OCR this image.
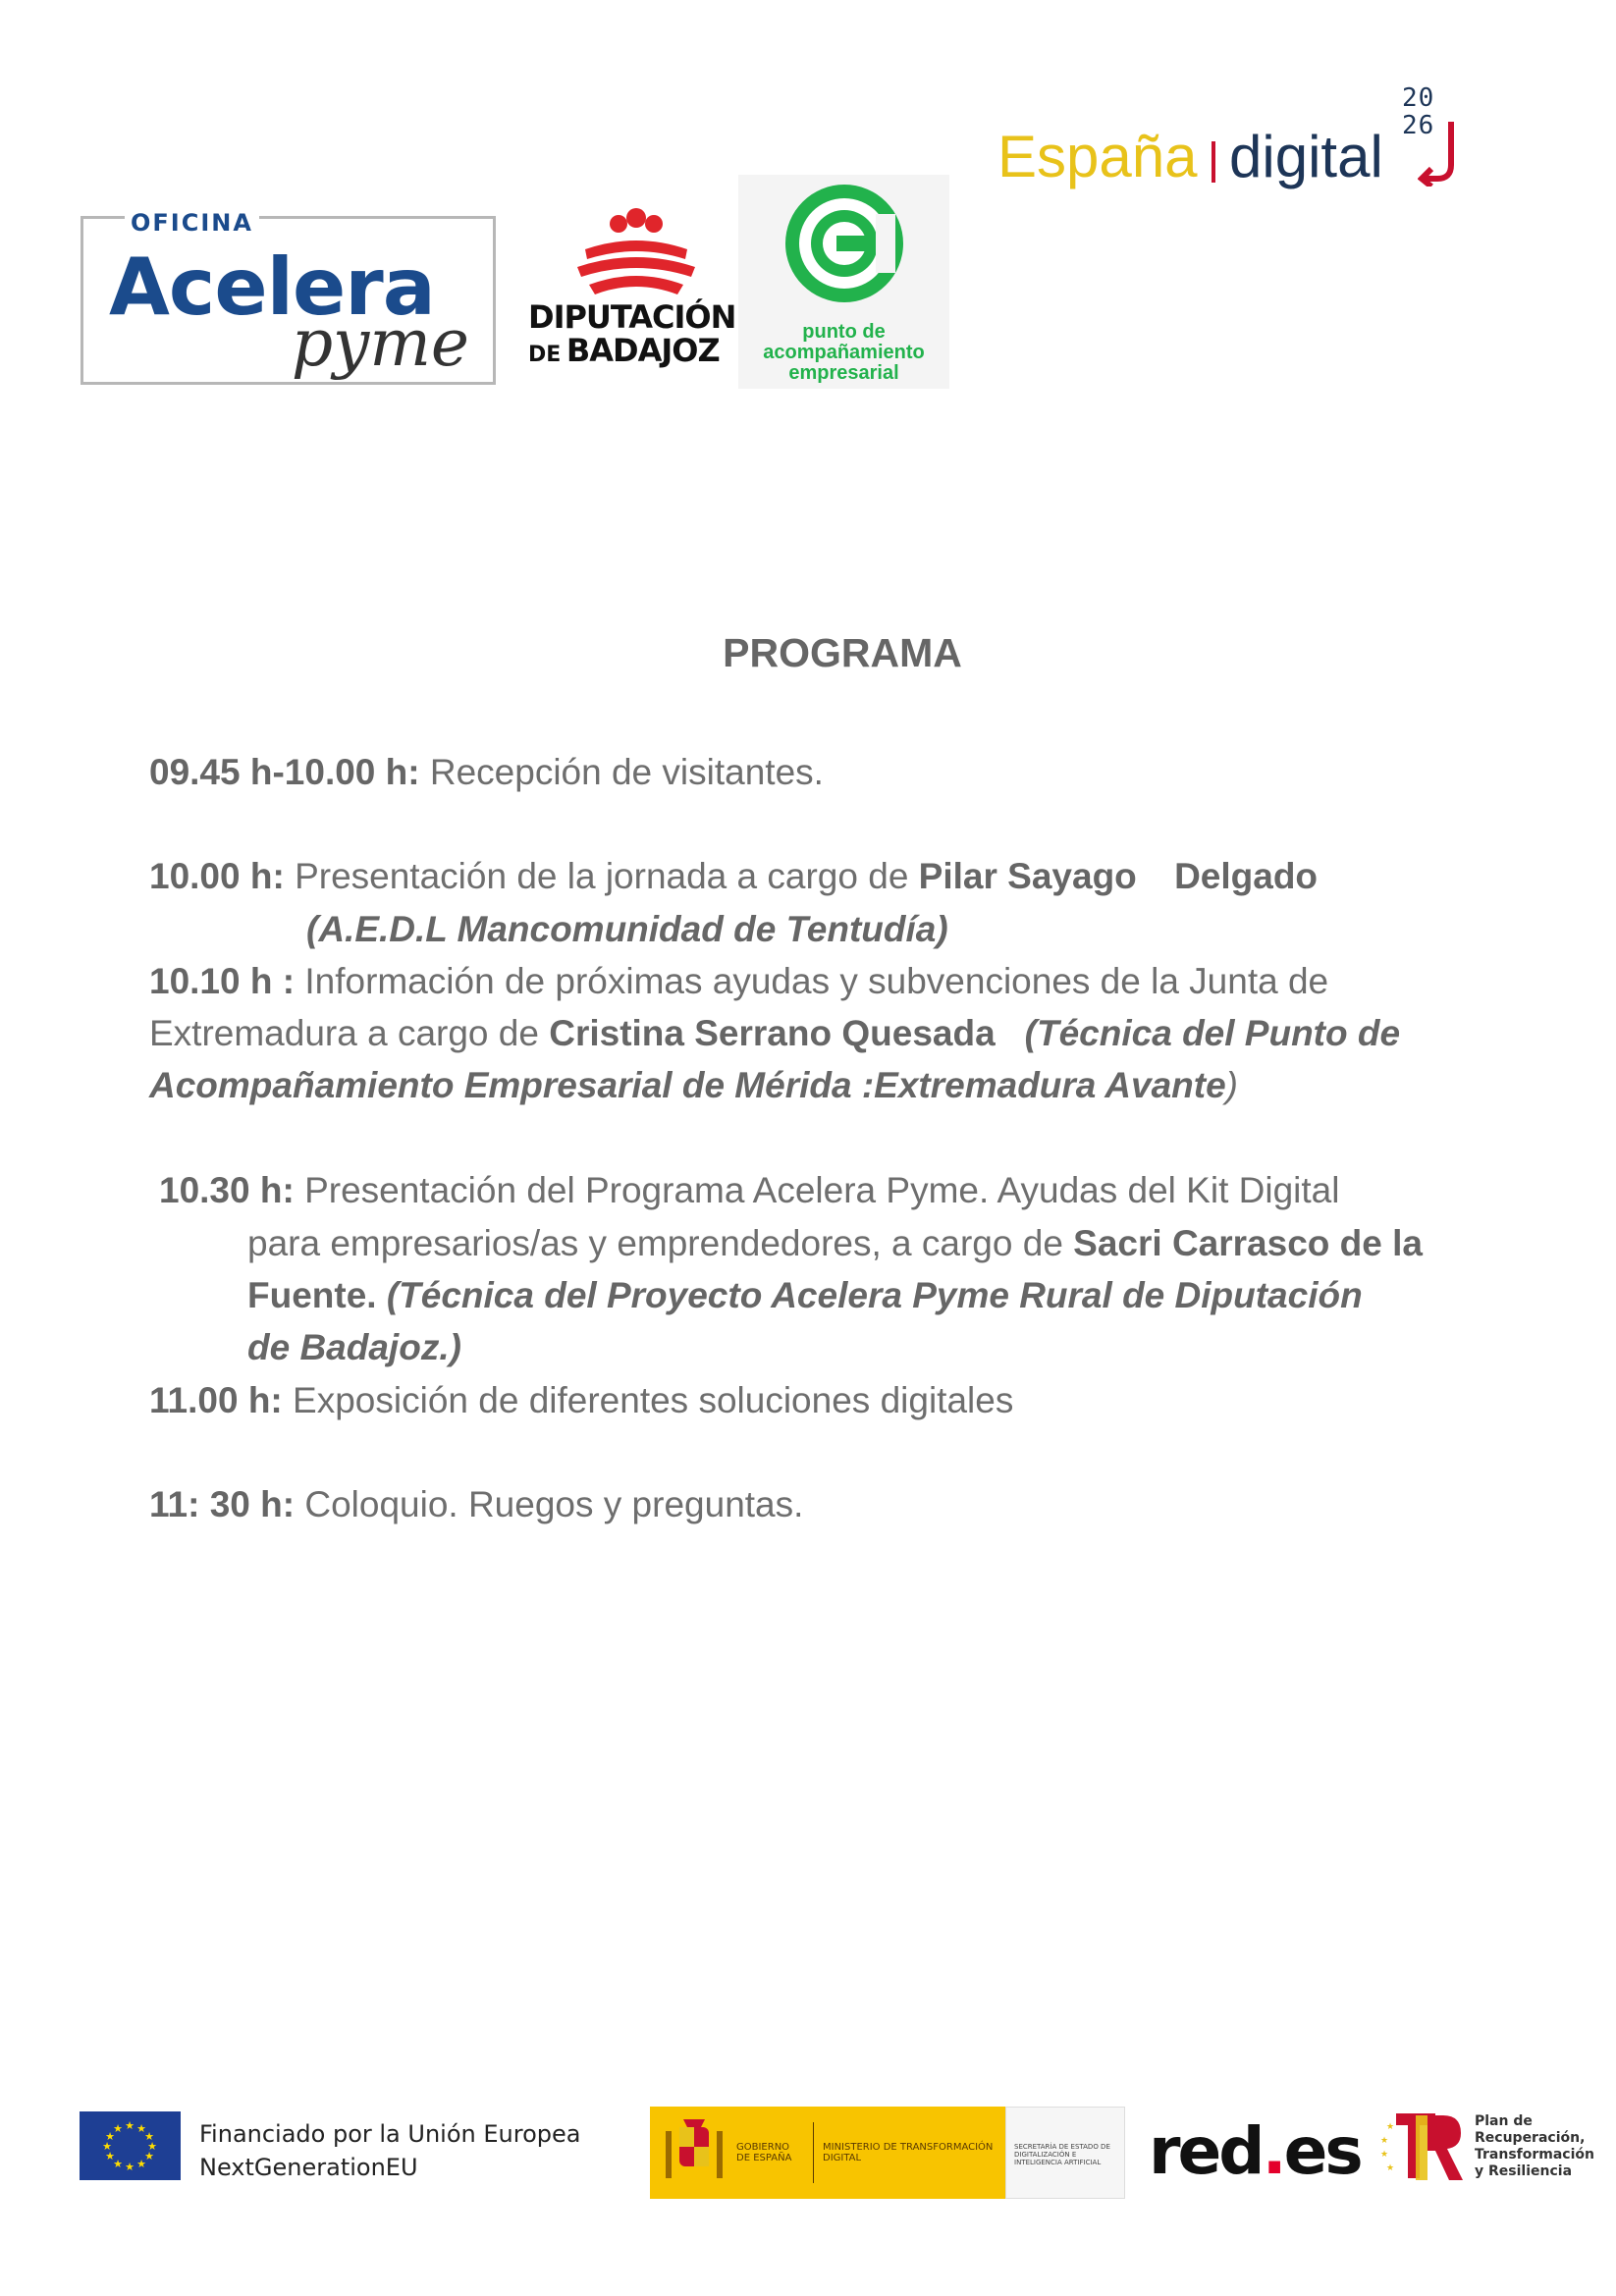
OFICINA
Acelera
pyme DIPUTACIÓN
DE BADAJOZ	punto de
acompañamiento
empresarial
España digital
20
26
PROGRAMA
09.45 h-10.00 h: Recepción de visitantes.
10.00 h: Presentación de la jornada a cargo de Pilar Sayago Delgado
(A.E.D.L Mancomunidad de Tentudía)
10.10 h : Información de próximas ayudas y subvenciones de la Junta de
Extremadura a cargo de Cristina Serrano Quesada (Técnica del Punto de
Acompañamiento Empresarial de Mérida :Extremadura Avante)
10.30 h: Presentación del Programa Acelera Pyme. Ayudas del Kit Digital
para empresarios/as y emprendedores, a cargo de Sacri Carrasco de la
Fuente. (Técnica del Proyecto Acelera Pyme Rural de Diputación
de Badajoz.)
11.00 h: Exposición de diferentes soluciones digitales
11: 30 h: Coloquio. Ruegos y preguntas.
★ ★
★
★
★
★
★
★
★
★
★
★	Financiado por la Unión Europea
NextGenerationEU
GOBIERNO DE ESPAÑA
MINISTERIO DE TRANSFORMACIÓN DIGITAL
SECRETARÍA DE ESTADO DE DIGITALIZACIÓN E INTELIGENCIA ARTIFICIAL red.es	★
★
★
★
Plan de
Recuperación,
Transformación
y Resiliencia
